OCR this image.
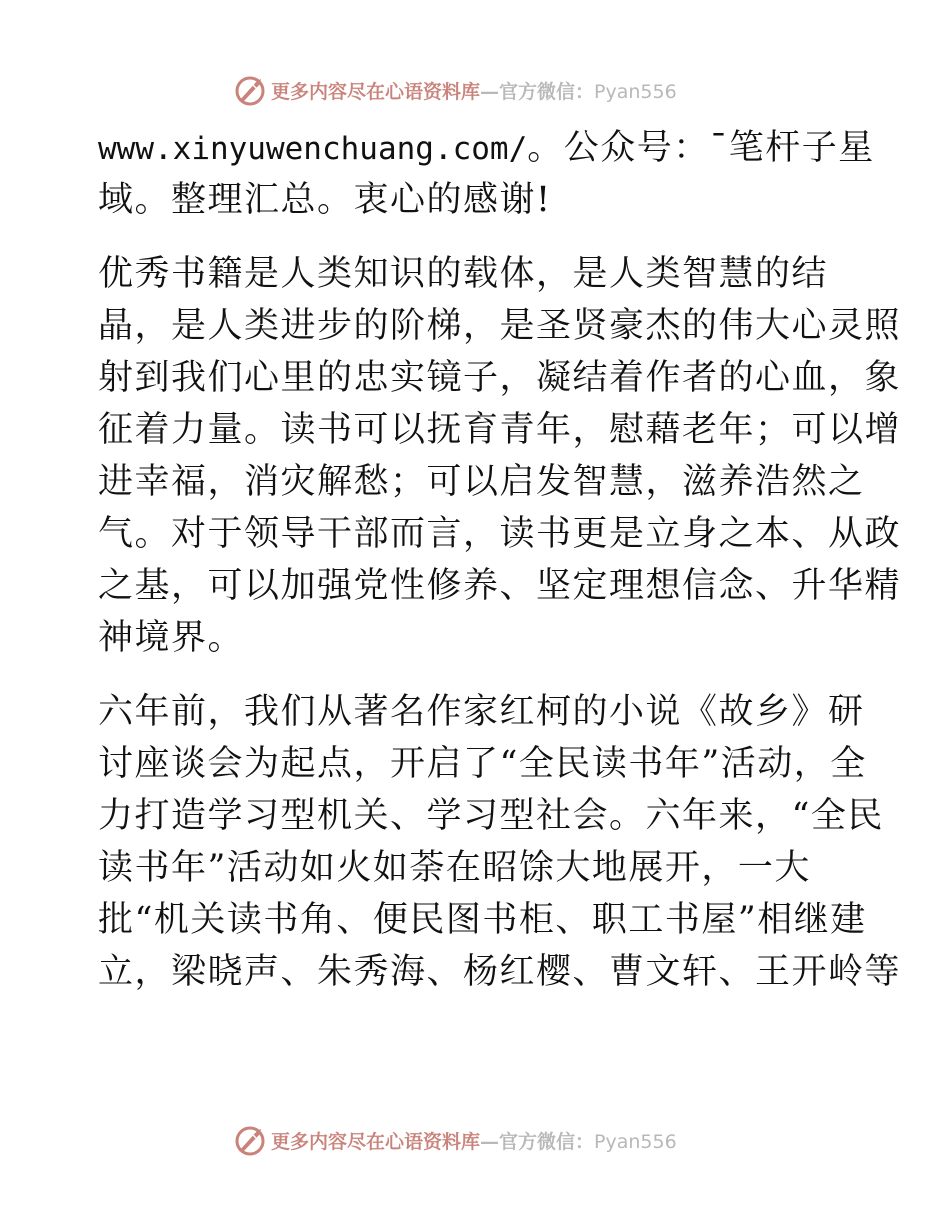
更多内容尽在心语资料库—官方微信：Pyan556
www.xinyuwenchuang.com/。公众号：¯笔杆子星
域。整理汇总。衷心的感谢!
优秀书籍是人类知识的载体，是人类智慧的结
晶，是人类进步的阶梯，是圣贤豪杰的伟大心灵照
射到我们心里的忠实镜子，凝结着作者的心血，象
征着力量。读书可以抚育青年，慰藉老年；可以增
进幸福，消灾解愁；可以启发智慧，滋养浩然之
气。对于领导干部而言，读书更是立身之本、从政
之基，可以加强党性修养、坚定理想信念、升华精
神境界。
六年前，我们从著名作家红柯的小说《故乡》研
讨座谈会为起点，开启了“全民读书年”活动，全
力打造学习型机关、学习型社会。六年来，“全民
读书年”活动如火如荼在昭馀大地展开，一大
批“机关读书角、便民图书柜、职工书屋”相继建
立，梁晓声、朱秀海、杨红樱、曹文轩、王开岭等
更多内容尽在心语资料库—官方微信：Pyan556
